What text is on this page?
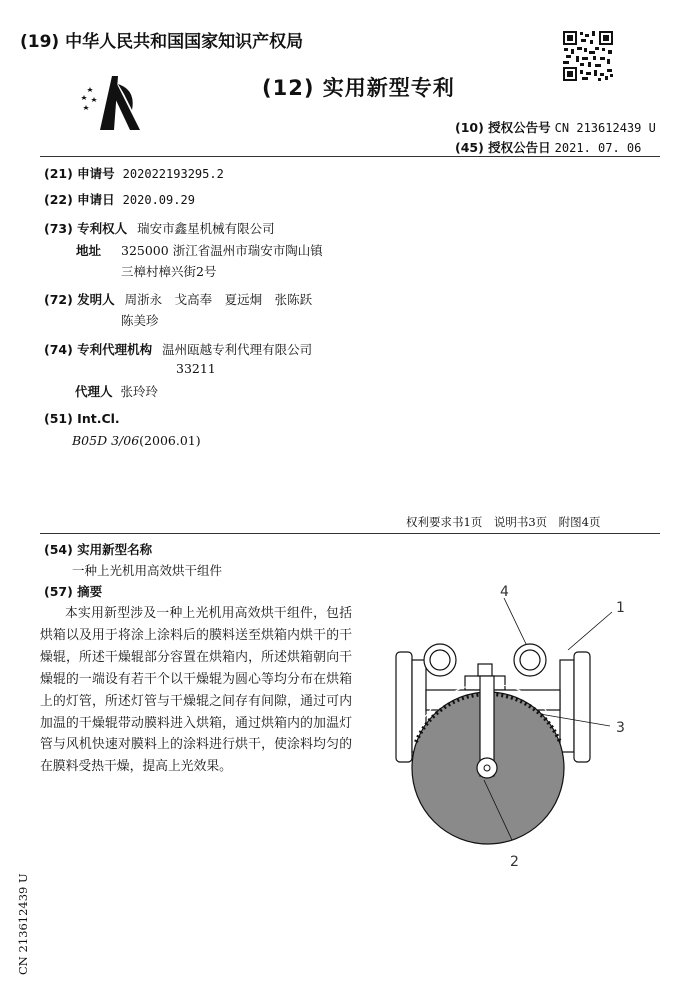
(19) 中华人民共和国国家知识产权局
(12) 实用新型专利
(10) 授权公告号 CN 213612439 U
(45) 授权公告日 2021. 07. 06
(21) 申请号 202022193295.2
(22) 申请日 2020.09.29
(73) 专利权人 瑞安市鑫星机械有限公司
地址 325000 浙江省温州市瑞安市陶山镇
三樟村樟兴街2号
(72) 发明人 周浙永　戈高奉　夏远炯　张陈跃
陈美珍
(74) 专利代理机构 温州瓯越专利代理有限公司
33211
代理人 张玲玲
(51) Int.Cl.
B05D 3/06(2006.01)
权利要求书1页　说明书3页　附图4页
(54) 实用新型名称
一种上光机用高效烘干组件
(57) 摘要
本实用新型涉及一种上光机用高效烘干组件，包括烘箱以及用于将涂上涂料后的膜料送至烘箱内烘干的干燥辊，所述干燥辊部分容置在烘箱内，所述烘箱朝向干燥辊的一端设有若干个以干燥辊为圆心等均分布在烘箱上的灯管，所述灯管与干燥辊之间存有间隙，通过可内加温的干燥辊带动膜料进入烘箱，通过烘箱内的加温灯管与风机快速对膜料上的涂料进行烘干，使涂料均匀的在膜料受热干燥，提高上光效果。
1
2
3
4
CN 213612439 U
